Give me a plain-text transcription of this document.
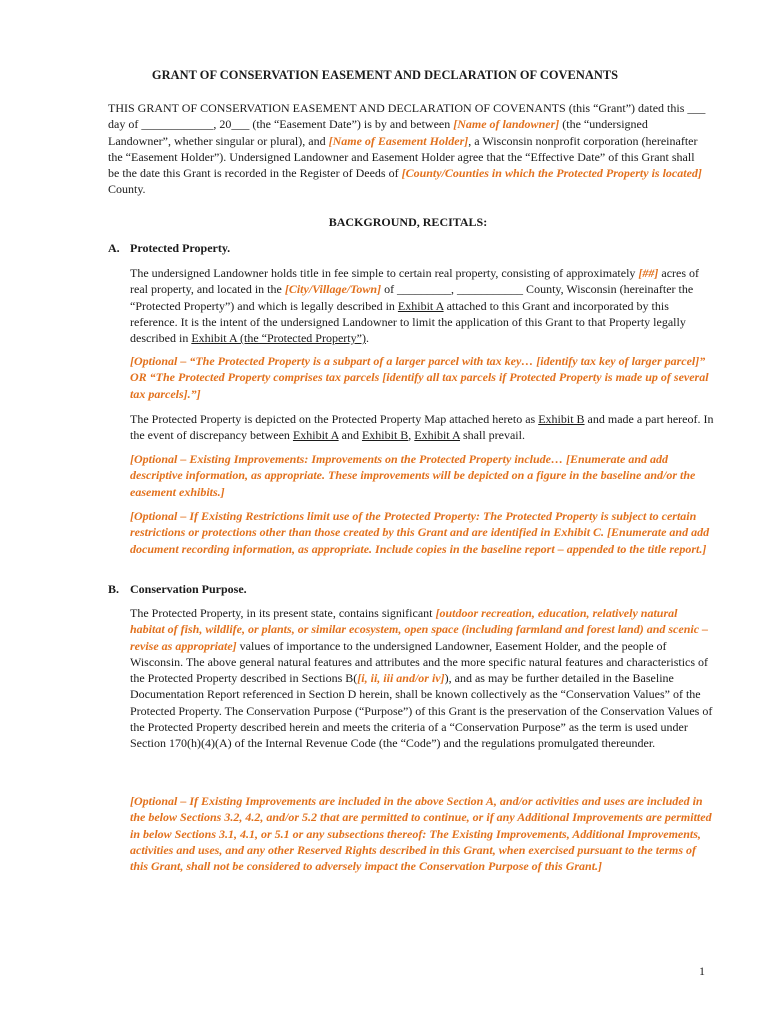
GRANT OF CONSERVATION EASEMENT AND DECLARATION OF COVENANTS

THIS GRANT OF CONSERVATION EASEMENT AND DECLARATION OF COVENANTS (this “Grant”) dated this ___ day of ____________, 20___ (the “Easement Date”) is by and between [Name of landowner] (the “undersigned Landowner”, whether singular or plural), and [Name of Easement Holder], a Wisconsin nonprofit corporation (hereinafter the “Easement Holder”). Undersigned Landowner and Easement Holder agree that the “Effective Date” of this Grant shall be the date this Grant is recorded in the Register of Deeds of [County/Counties in which the Protected Property is located] County.

BACKGROUND, RECITALS:

A. Protected Property.

The undersigned Landowner holds title in fee simple to certain real property, consisting of approximately [##] acres of real property, and located in the [City/Village/Town] of _________, ___________ County, Wisconsin (hereinafter the “Protected Property”) and which is legally described in Exhibit A attached to this Grant and incorporated by this reference. It is the intent of the undersigned Landowner to limit the application of this Grant to that Property legally described in Exhibit A (the “Protected Property”).

[Optional – “The Protected Property is a subpart of a larger parcel with tax key… [identify tax key of larger parcel]” OR “The Protected Property comprises tax parcels [identify all tax parcels if Protected Property is made up of several tax parcels].”]

The Protected Property is depicted on the Protected Property Map attached hereto as Exhibit B and made a part hereof. In the event of discrepancy between Exhibit A and Exhibit B, Exhibit A shall prevail.

[Optional – Existing Improvements: Improvements on the Protected Property include… [Enumerate and add descriptive information, as appropriate. These improvements will be depicted on a figure in the baseline and/or the easement exhibits.]

[Optional – If Existing Restrictions limit use of the Protected Property: The Protected Property is subject to certain restrictions or protections other than those created by this Grant and are identified in Exhibit C. [Enumerate and add document recording information, as appropriate. Include copies in the baseline report – appended to the title report.]

B. Conservation Purpose.

The Protected Property, in its present state, contains significant [outdoor recreation, education, relatively natural habitat of fish, wildlife, or plants, or similar ecosystem, open space (including farmland and forest land) and scenic – revise as appropriate] values of importance to the undersigned Landowner, Easement Holder, and the people of Wisconsin. The above general natural features and attributes and the more specific natural features and characteristics of the Protected Property described in Sections B([i, ii, iii and/or iv]), and as may be further detailed in the Baseline Documentation Report referenced in Section D herein, shall be known collectively as the “Conservation Values” of the Protected Property. The Conservation Purpose (“Purpose”) of this Grant is the preservation of the Conservation Values of the Protected Property described herein and meets the criteria of a “Conservation Purpose” as the term is used under Section 170(h)(4)(A) of the Internal Revenue Code (the “Code”) and the regulations promulgated thereunder.

[Optional – If Existing Improvements are included in the above Section A, and/or activities and uses are included in the below Sections 3.2, 4.2, and/or 5.2 that are permitted to continue, or if any Additional Improvements are permitted in below Sections 3.1, 4.1, or 5.1 or any subsections thereof: The Existing Improvements, Additional Improvements, activities and uses, and any other Reserved Rights described in this Grant, when exercised pursuant to the terms of this Grant, shall not be considered to adversely impact the Conservation Purpose of this Grant.]

1
